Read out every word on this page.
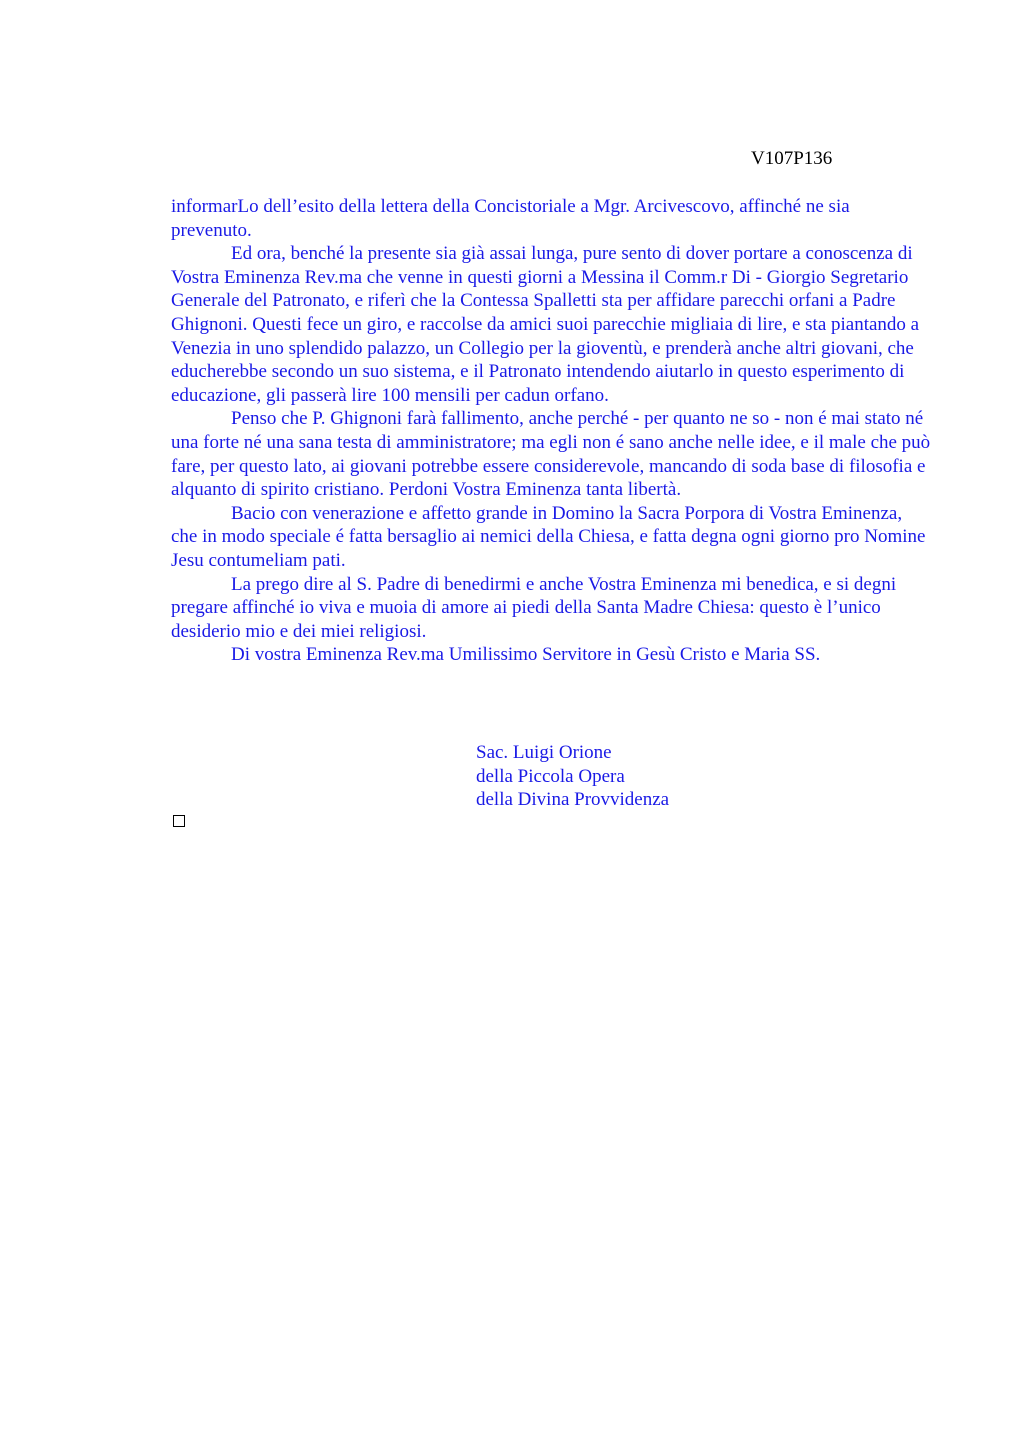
V107P136

informarLo dell’esito della lettera della Concistoriale a Mgr. Arcivescovo, affinché ne sia prevenuto.

Ed ora, benché la presente sia già assai lunga, pure sento di dover portare a conoscenza di Vostra Eminenza Rev.ma che venne in questi giorni a Messina il Comm.r Di - Giorgio Segretario Generale del Patronato, e riferì che la Contessa Spalletti sta per affidare parecchi orfani a Padre Ghignoni. Questi fece un giro, e raccolse da amici suoi parecchie migliaia di lire, e sta piantando a Venezia in uno splendido palazzo, un Collegio per la gioventù, e prenderà anche altri giovani, che educherebbe secondo un suo sistema, e il Patronato intendendo aiutarlo in questo esperimento di educazione, gli passerà lire 100 mensili per cadun orfano.

Penso che P. Ghignoni farà fallimento, anche perché - per quanto ne so - non é mai stato né una forte né una sana testa di amministratore; ma egli non é sano anche nelle idee, e il male che può fare, per questo lato, ai giovani potrebbe essere considerevole, mancando di soda base di filosofia e alquanto di spirito cristiano. Perdoni Vostra Eminenza tanta libertà.

Bacio con venerazione e affetto grande in Domino la Sacra Porpora di Vostra Eminenza, che in modo speciale é fatta bersaglio ai nemici della Chiesa, e fatta degna ogni giorno pro Nomine Jesu contumeliam pati.

La prego dire al S. Padre di benedirmi e anche Vostra Eminenza mi benedica, e si degni pregare affinché io viva e muoia di amore ai piedi della Santa Madre Chiesa: questo è l’unico desiderio mio e dei miei religiosi.

Di vostra Eminenza Rev.ma Umilissimo Servitore in Gesù Cristo e Maria SS.

Sac. Luigi Orione
della Piccola Opera
della Divina Provvidenza
